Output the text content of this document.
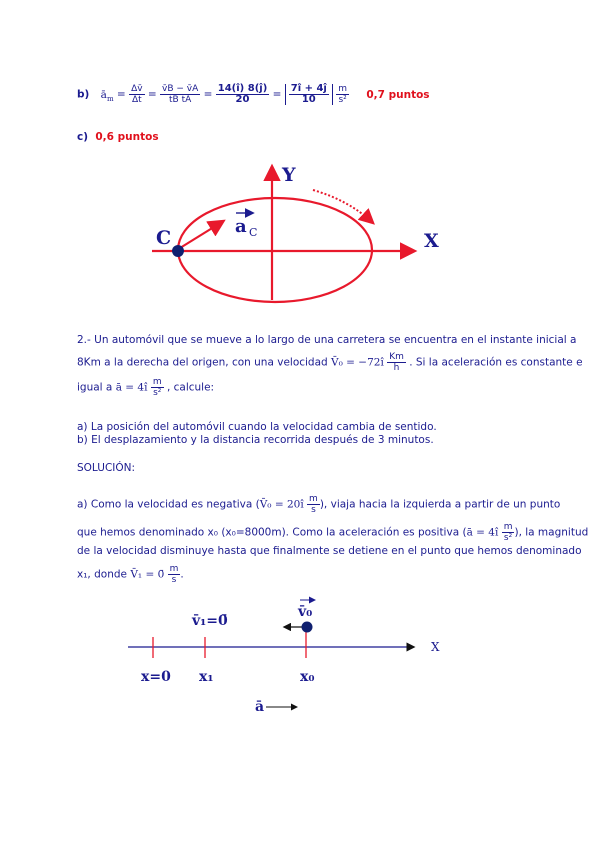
b) $ā_m = \frac{\Delta v̄}{\Delta t} = \frac{v̄B - v̄A}{\text{tB tA}} = \frac{14(î) 8(ĵ)}{20} = \frac{7î + 4ĵ}{10}$
$\frac{m}{\text{s²}} 0,7$ puntos
c) 0,6 puntos
Y
X
C
a C
v̄₀
v̄₁=0̄
X
x=0 x₁	x₀
ā
2.- Un automóvil que se mueve a lo largo de una carretera se encuentra en el instante inicial a
8Km a la derecha del origen, con una velocidad V̄₀ = −72î $\frac{Km}{h}$ . Si la aceleración es constante e
igual a ā = 4î $\frac{m}{\text{s²}}$ , calcule:
a) La posición del automóvil cuando la velocidad cambia de sentido.
b) El desplazamiento y la distancia recorrida después de 3 minutos.
SOLUCIÓN:
a) Como la velocidad es negativa (V̄₀ = 20î $\frac{m}{s}$ ), viaja hacia la izquierda a partir de un punto
que hemos denominado x₀ (x₀=8000m). Como la aceleración es positiva (ā = 4î $\frac{m}{\text{s²}}$ ), la magnitud
de la velocidad disminuye hasta que finalmente se detiene en el punto que hemos denominado
x₁, donde V̄₁ = 0̄ $\frac{m}{s}$ .
